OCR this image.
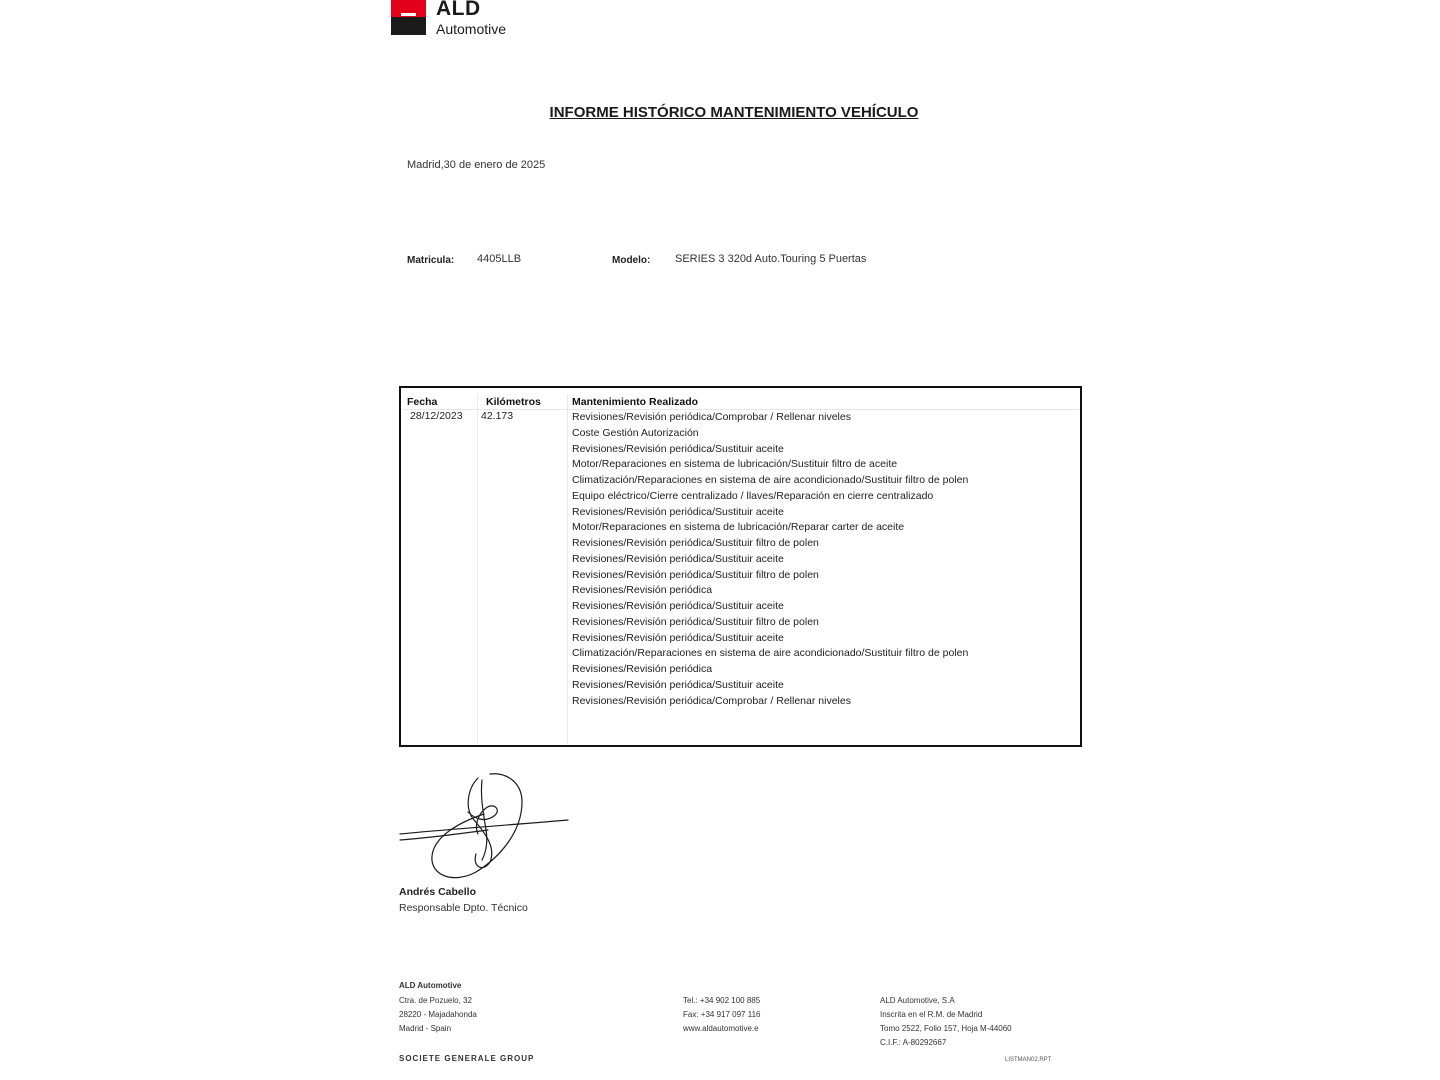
ALD
Automotive
INFORME HISTÓRICO MANTENIMIENTO VEHÍCULO
Madrid,30 de enero de 2025
Matricula: 4405LLB	Modelo: SERIES 3 320d Auto.Touring 5 Puertas
Fecha	Kilómetros	Mantenimiento Realizado
28/12/2023 42.173	Revisiones/Revisión periódica/Comprobar / Rellenar niveles
Coste Gestión Autorización
Revisiones/Revisión periódica/Sustituir aceite
Motor/Reparaciones en sistema de lubricación/Sustituir filtro de aceite
Climatización/Reparaciones en sistema de aire acondicionado/Sustituir filtro de polen
Equipo eléctrico/Cierre centralizado / llaves/Reparación en cierre centralizado
Revisiones/Revisión periódica/Sustituir aceite
Motor/Reparaciones en sistema de lubricación/Reparar carter de aceite
Revisiones/Revisión periódica/Sustituir filtro de polen
Revisiones/Revisión periódica/Sustituir aceite
Revisiones/Revisión periódica/Sustituir filtro de polen
Revisiones/Revisión periódica
Revisiones/Revisión periódica/Sustituir aceite
Revisiones/Revisión periódica/Sustituir filtro de polen
Revisiones/Revisión periódica/Sustituir aceite
Climatización/Reparaciones en sistema de aire acondicionado/Sustituir filtro de polen
Revisiones/Revisión periódica
Revisiones/Revisión periódica/Sustituir aceite
Revisiones/Revisión periódica/Comprobar / Rellenar niveles
Andrés Cabello
Responsable Dpto. Técnico
ALD Automotive
Ctra. de Pozuelo, 32
28220 - Majadahonda
Madrid - Spain
Tel.: +34 902 100 885
Fax: +34 917 097 116
www.aldautomotive.e
ALD Automotive, S.A
Inscrita en el R.M. de Madrid
Tomo 2522, Folio 157, Hoja M-44060
C.I.F.: A-80292667
SOCIETE GENERALE GROUP	LISTMAN02.RPT
